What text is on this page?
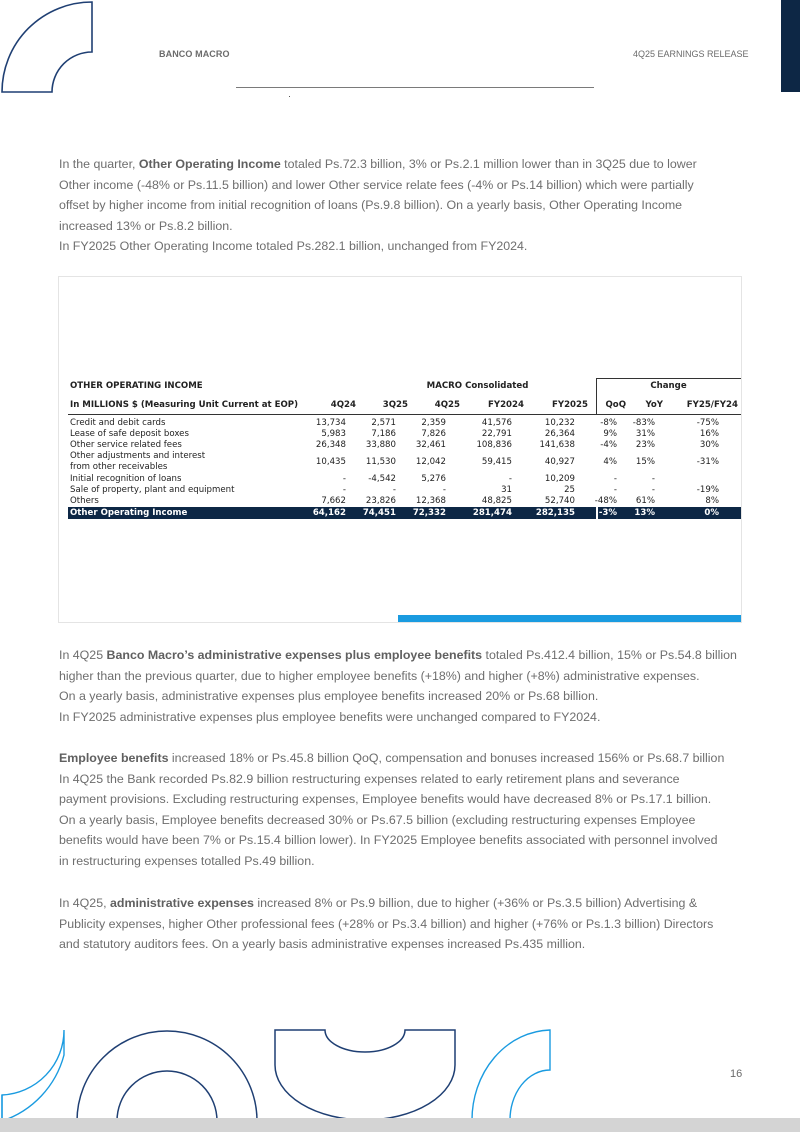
BANCO MACRO	4Q25 EARNINGS RELEASE
In the quarter, Other Operating Income totaled Ps.72.3 billion, 3% or Ps.2.1 million lower than in 3Q25 due to lower
Other income (-48% or Ps.11.5 billion) and lower Other service relate fees (-4% or Ps.14 billion) which were partially
offset by higher income from initial recognition of loans (Ps.9.8 billion). On a yearly basis, Other Operating Income
increased 13% or Ps.8.2 billion.
In FY2025 Other Operating Income totaled Ps.282.1 billion, unchanged from FY2024.
OTHER OPERATING INCOME	MACRO Consolidated	Change
In MILLIONS $ (Measuring Unit Current at EOP)	4Q24	3Q25	4Q25	FY2024	FY2025	QoQ	YoY	FY25/FY24
Credit and debit cards	13,734	2,571	2,359	41,576	10,232	-8%	-83%	-75%
Lease of safe deposit boxes	5,983	7,186	7,826	22,791	26,364	9%	31%	16%
Other service related fees	26,348	33,880	32,461	108,836	141,638	-4%	23%	30%
Other adjustments and interest
from other receivables	10,435	11,530	12,042	59,415	40,927	4%	15%	-31%
Initial recognition of loans	-	-4,542	5,276	-	10,209	-	-
Sale of property, plant and equipment	-	-	-	31	25	-	-	-19%
Others	7,662	23,826	12,368	48,825	52,740	-48%	61%	8%
Other Operating Income	64,162	74,451	72,332	281,474	282,135	-3%	13%	0%
In 4Q25 Banco Macro’s administrative expenses plus employee benefits totaled Ps.412.4 billion, 15% or Ps.54.8 billion
higher than the previous quarter, due to higher employee benefits (+18%) and higher (+8%) administrative expenses.
On a yearly basis, administrative expenses plus employee benefits increased 20% or Ps.68 billion.
In FY2025 administrative expenses plus employee benefits were unchanged compared to FY2024.
Employee benefits increased 18% or Ps.45.8 billion QoQ, compensation and bonuses increased 156% or Ps.68.7 billion
In 4Q25 the Bank recorded Ps.82.9 billion restructuring expenses related to early retirement plans and severance
payment provisions. Excluding restructuring expenses, Employee benefits would have decreased 8% or Ps.17.1 billion.
On a yearly basis, Employee benefits decreased 30% or Ps.67.5 billion (excluding restructuring expenses Employee
benefits would have been 7% or Ps.15.4 billion lower). In FY2025 Employee benefits associated with personnel involved
in restructuring expenses totalled Ps.49 billion.
In 4Q25, administrative expenses increased 8% or Ps.9 billion, due to higher (+36% or Ps.3.5 billion) Advertising &
Publicity expenses, higher Other professional fees (+28% or Ps.3.4 billion) and higher (+76% or Ps.1.3 billion) Directors
and statutory auditors fees. On a yearly basis administrative expenses increased Ps.435 million.
16
